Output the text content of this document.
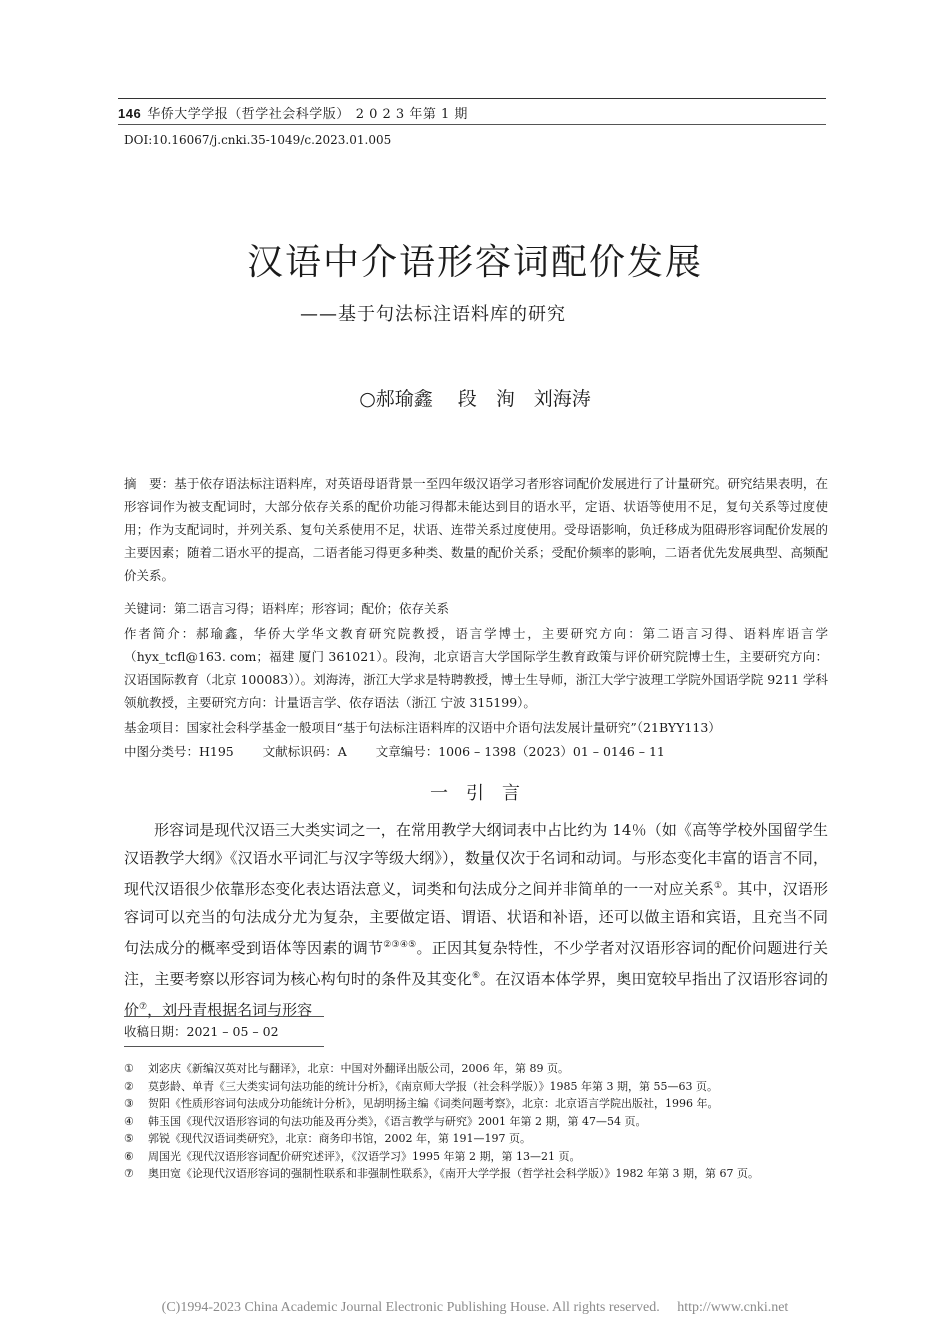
146 华侨大学学报（哲学社会科学版） 2 0 2 3 年第 1 期
DOI:10.16067/j.cnki.35-1049/c.2023.01.005
汉语中介语形容词配价发展
——基于句法标注语料库的研究
○郝瑜鑫　 段　洵　刘海涛
摘　要：基于依存语法标注语料库，对英语母语背景一至四年级汉语学习者形容词配价发展进行了计量研究。研究结果表明，在形容词作为被支配词时，大部分依存关系的配价功能习得都未能达到目的语水平，定语、状语等使用不足，复句关系等过度使用；作为支配词时，并列关系、复句关系使用不足，状语、连带关系过度使用。受母语影响，负迁移成为阻碍形容词配价发展的主要因素；随着二语水平的提高，二语者能习得更多种类、数量的配价关系；受配价频率的影响，二语者优先发展典型、高频配价关系。
关键词：第二语言习得；语料库；形容词；配价；依存关系
作者简介：郝瑜鑫，华侨大学华文教育研究院教授，语言学博士，主要研究方向：第二语言习得、语料库语言学（hyx_tcfl@163. com；福建 厦门 361021）。段洵，北京语言大学国际学生教育政策与评价研究院博士生，主要研究方向：汉语国际教育（北京 100083））。刘海涛，浙江大学求是特聘教授，博士生导师，浙江大学宁波理工学院外国语学院 9211 学科领航教授，主要研究方向：计量语言学、依存语法（浙江 宁波 315199）。
基金项目：国家社会科学基金一般项目“基于句法标注语料库的汉语中介语句法发展计量研究”（21BYY113）
中图分类号：H195　　 文献标识码：A　　 文章编号：1006 – 1398（2023）01 – 0146 – 11
一　引　言

形容词是现代汉语三大类实词之一，在常用教学大纲词表中占比约为 14％（如《高等学校外国留学生汉语教学大纲》《汉语水平词汇与汉字等级大纲》），数量仅次于名词和动词。与形态变化丰富的语言不同，现代汉语很少依靠形态变化表达语法意义，词类和句法成分之间并非简单的一一对应关系①。其中，汉语形容词可以充当的句法成分尤为复杂，主要做定语、谓语、状语和补语，还可以做主语和宾语，且充当不同句法成分的概率受到语体等因素的调节②③④⑤。正因其复杂特性，不少学者对汉语形容词的配价问题进行关注，主要考察以形容词为核心构句时的条件及其变化⑥。在汉语本体学界，奥田宽较早指出了汉语形容词的价⑦，刘丹青根据名词与形容

收稿日期：2021 – 05 – 02
①	刘宓庆《新编汉英对比与翻译》，北京：中国对外翻译出版公司，2006 年，第 89 页。
②	莫彭龄、单青《三大类实词句法功能的统计分析》，《南京师大学报（社会科学版）》1985 年第 3 期，第 55—63 页。
③	贺阳《性质形容词句法成分功能统计分析》，见胡明扬主编《词类问题考察》，北京：北京语言学院出版社，1996 年。
④	韩玉国《现代汉语形容词的句法功能及再分类》，《语言教学与研究》2001 年第 2 期，第 47—54 页。
⑤	郭锐《现代汉语词类研究》，北京：商务印书馆，2002 年，第 191—197 页。
⑥	周国光《现代汉语形容词配价研究述评》，《汉语学习》1995 年第 2 期，第 13—21 页。
⑦	奥田宽《论现代汉语形容词的强制性联系和非强制性联系》，《南开大学学报（哲学社会科学版）》1982 年第 3 期，第 67 页。
(C)1994-2023 China Academic Journal Electronic Publishing House. All rights reserved.　 http://www.cnki.net
